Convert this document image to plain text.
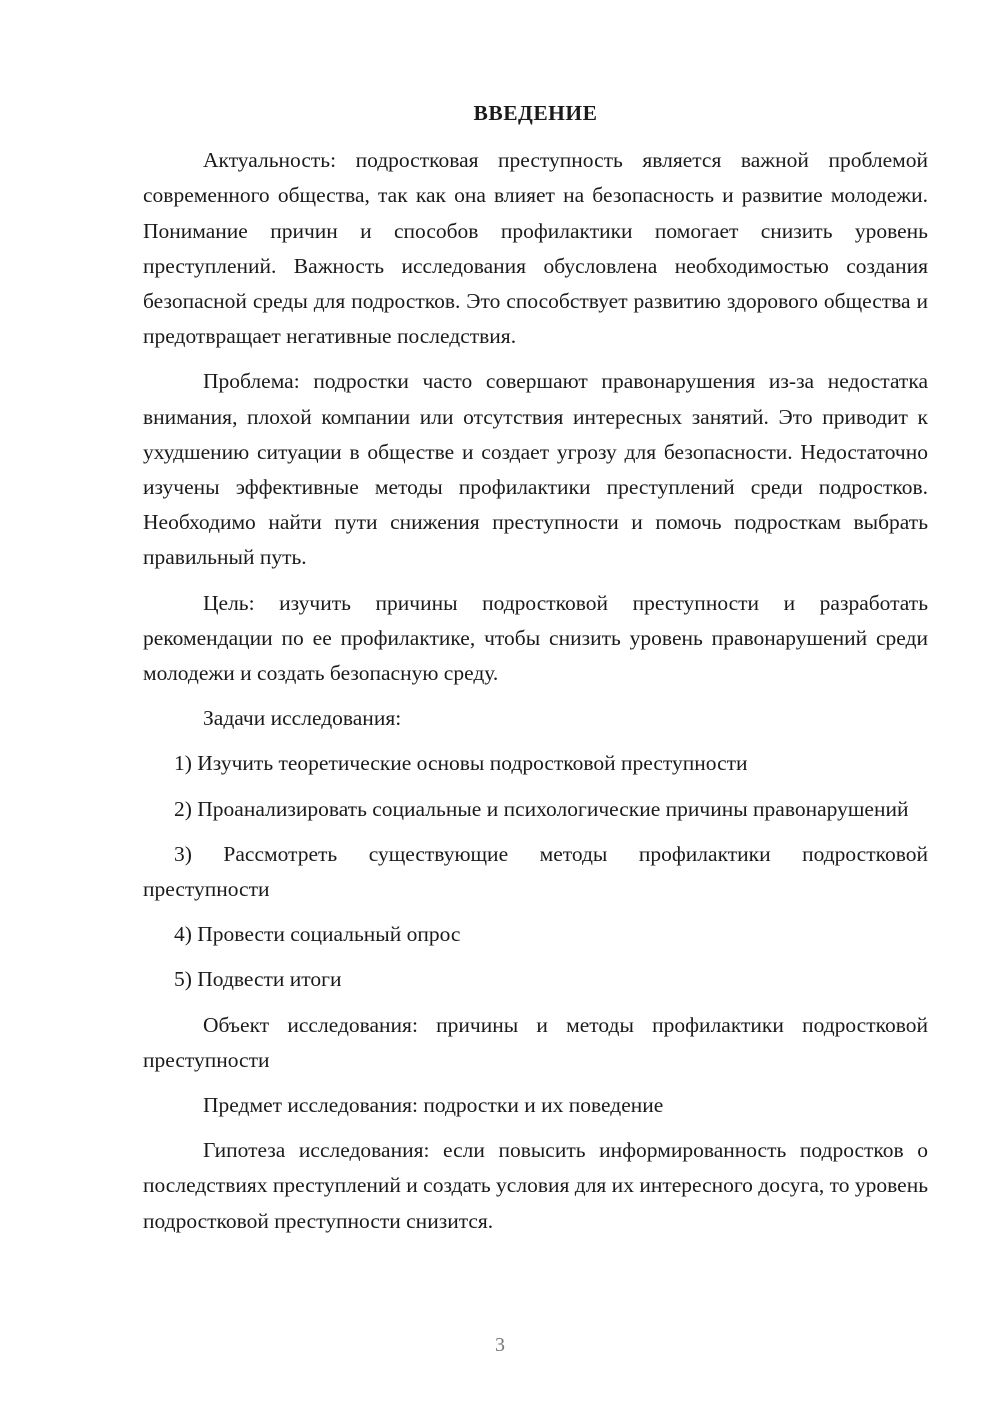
ВВЕДЕНИЕ

Актуальность: подростковая преступность является важной проблемой современного общества, так как она влияет на безопасность и развитие молодежи. Понимание причин и способов профилактики помогает снизить уровень преступлений. Важность исследования обусловлена необходимостью создания безопасной среды для подростков. Это способствует развитию здорового общества и предотвращает негативные последствия.

Проблема: подростки часто совершают правонарушения из-за недостатка внимания, плохой компании или отсутствия интересных занятий. Это приводит к ухудшению ситуации в обществе и создает угрозу для безопасности. Недостаточно изучены эффективные методы профилактики преступлений среди подростков. Необходимо найти пути снижения преступности и помочь подросткам выбрать правильный путь.

Цель: изучить причины подростковой преступности и разработать рекомендации по ее профилактике, чтобы снизить уровень правонарушений среди молодежи и создать безопасную среду.

Задачи исследования:

1) Изучить теоретические основы подростковой преступности

2) Проанализировать социальные и психологические причины правонарушений

3) Рассмотреть существующие методы профилактики подростковой преступности

4) Провести социальный опрос

5) Подвести итоги

Объект исследования: причины и методы профилактики подростковой преступности

Предмет исследования: подростки и их поведение

Гипотеза исследования: если повысить информированность подростков о последствиях преступлений и создать условия для их интересного досуга, то уровень подростковой преступности снизится.

3
